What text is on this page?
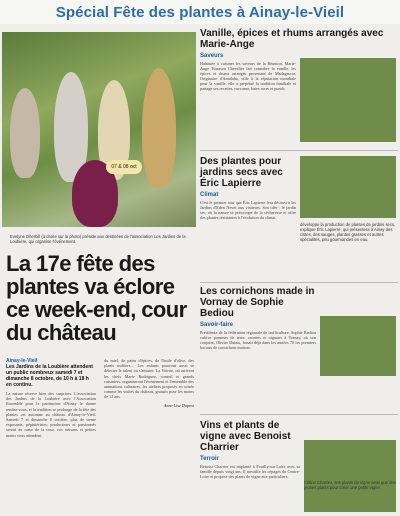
Spécial Fête des plantes à Ainay-le-Vieil
07 & 08 oct
Evelyne Dherbill (à droite sur la photo) préside aux destinées de l'association Les Jardins de la Loubière, qui organise l'événement.
La 17e fête des plantes va éclore ce week-end, cour du château
Ainay-le-Vieil
Les Jardins de la Loubière attendent un public nombreux samedi 7 et dimanche 8 octobre, de 10 h à 18 h en continu.
La nature réserve bien des surprises. L'association des Jardins de la Loubière avec l'Association Ensemble pour le patrimoine d'Ainay le donne rendez-vous, et la tradition se prolonge de la fête des plantes cet automne au château d'Ainay-le-Vieil. Samedi 7 et dimanche 8 octobre, plus de trente exposants, pépiniéristes, producteurs et passionnés seront au cœur de la cour, vos artisans et petites mains vous attendent.
du miel, de pains d'épices, de l'huile d'olive, des plants truffiers… Les enfants pourront aussi se détecter le talent ou s'amuser. La Voirrie, où arrivent les chefs Marie Rodriguez, conseil et grands cuisiniers, organiseront l'événement et l'ensemble des animations culinaires, les ateliers proposés en soirée comme les visites du château, gratuits pour les moins de 12 ans.
Anne-Lise Duprez
Vanille, épices et rhums arrangés avec Marie-Ange
Saveurs
Habituée à cuisiner les saveurs de la Réunion, Marie-Ange Tsarasoa Chevalier fait connaître la vanille, les épices et rhums arrangés provenant de Madagascar. Originaire d'Antalaha, ville à la réputation mondiale pour la vanille, elle a perpétué la tradition familiale et partage ses recettes, curcuma, baies roses et punch.
Des plantes pour jardins secs avec Éric Lapierre
Climat
C'est le premier tour que Éric Lapierre fera découvrir les Jardins d'Eden Nevet aux visiteurs. Son idée : le jardin sec, où la nature se préoccupe de la sécheresse et offre des plantes résistantes à l'évolution du climat.
développe la production de plantes de jardins secs, explique Éric Lapierre, qui présentera à Ainay des cistes, des sauges, plantes grasses et autres spécialités, peu gourmandes en eau.
Les cornichons made in Vornay de Sophie Bediou
Savoir-faire
Présidente de la fédération régionale de trufficulture, Sophie Bediou cultive pommes de terre, carottes et oignons à Vornay, où son conjoint, Olivier Dubus, faisait déjà dans les années 70 les premiers bocaux de cornichons maison.
Vins et plants de vigne avec Benoist Charrier
Terroir
Benoist Charrier est implanté à Pouilly-sur-Loire avec sa famille depuis vingt ans. Il travaille les cépages du Centre-Loire et propose des plants de vigne aux particuliers.
Céline Charrier, ses plants de vigne ainsi que des jeunes plants pour créer une petite vigne.
